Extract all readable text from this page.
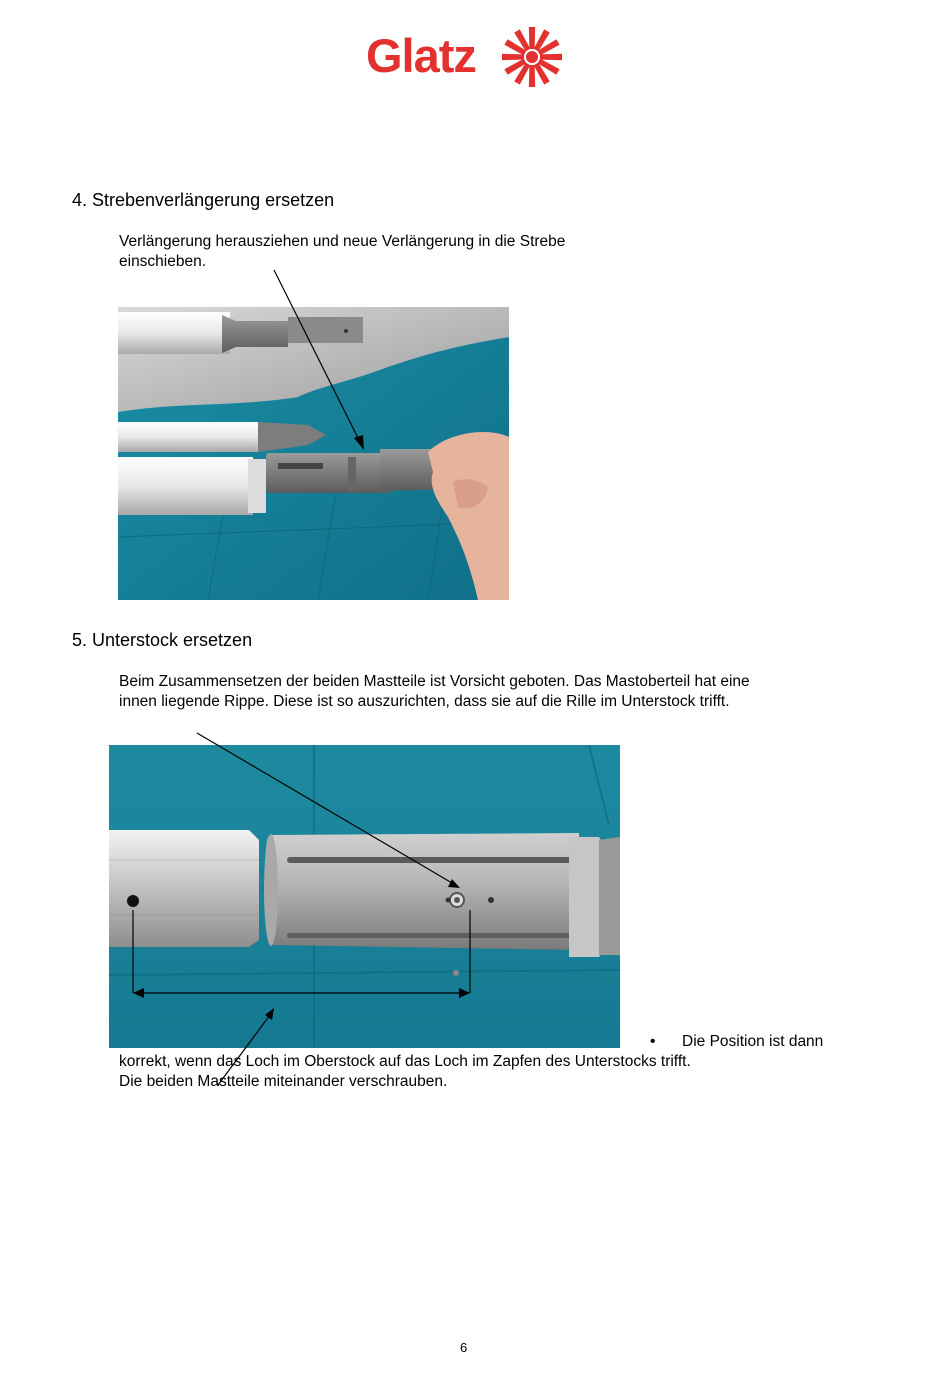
Glatz
4. Strebenverlängerung ersetzen
Verlängerung herausziehen und neue Verlängerung in die Strebe
einschieben.
5. Unterstock ersetzen
Beim Zusammensetzen der beiden Mastteile ist Vorsicht geboten. Das Mastoberteil hat eine
innen liegende Rippe. Diese ist so auszurichten, dass sie auf die Rille im Unterstock trifft.
• Die Position ist dann
korrekt, wenn das Loch im Oberstock auf das Loch im Zapfen des Unterstocks trifft.
Die beiden Mastteile miteinander verschrauben.
6
